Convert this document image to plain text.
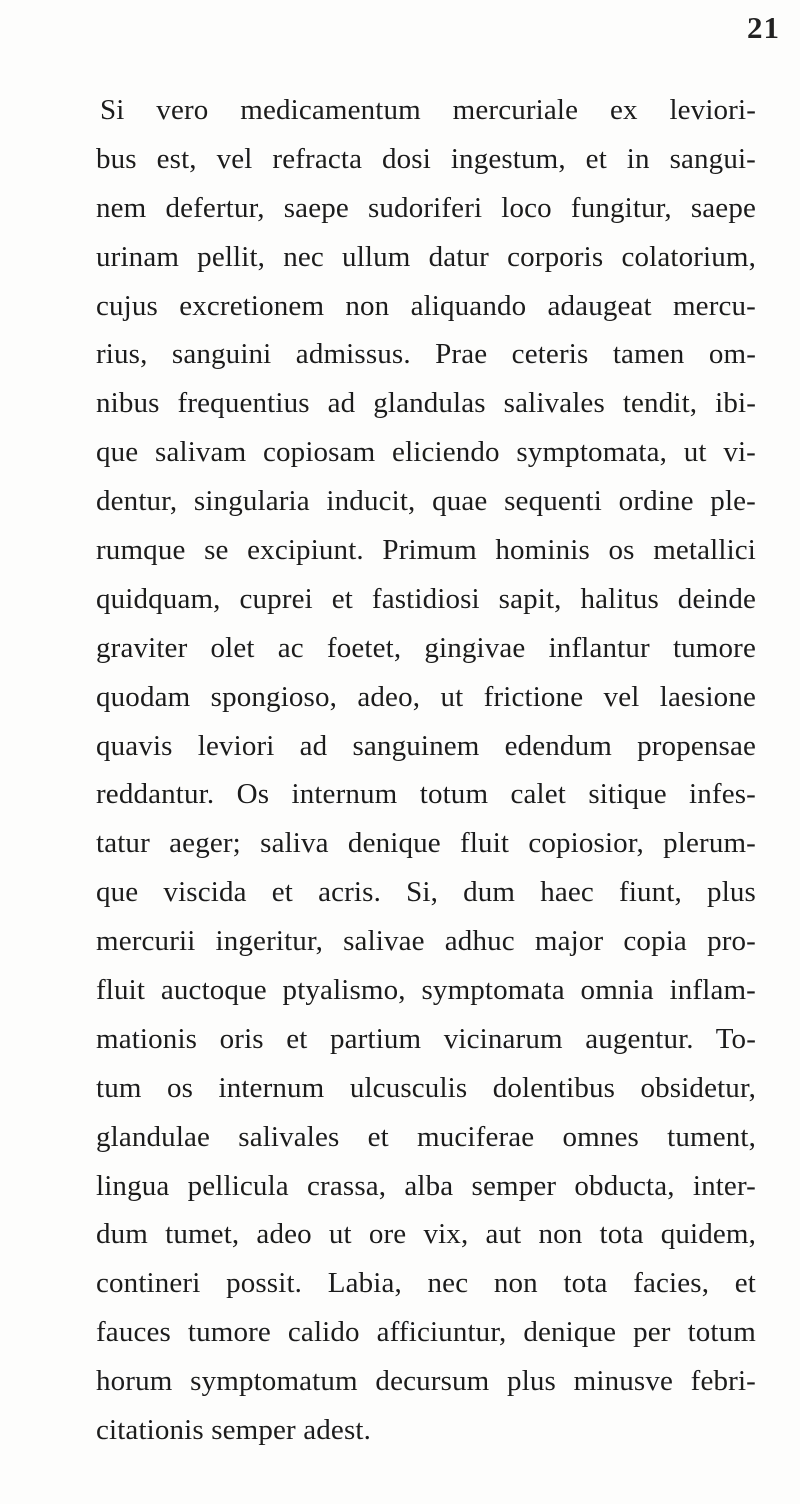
21
Si vero medicamentum mercuriale ex leviori-
bus est, vel refracta dosi ingestum, et in sangui-
nem defertur, saepe sudoriferi loco fungitur, saepe
urinam pellit, nec ullum datur corporis colatorium,
cujus excretionem non aliquando adaugeat mercu-
rius, sanguini admissus. Prae ceteris tamen om-
nibus frequentius ad glandulas salivales tendit, ibi-
que salivam copiosam eliciendo symptomata, ut vi-
dentur, singularia inducit, quae sequenti ordine ple-
rumque se excipiunt. Primum hominis os metallici
quidquam, cuprei et fastidiosi sapit, halitus deinde
graviter olet ac foetet, gingivae inflantur tumore
quodam spongioso, adeo, ut frictione vel laesione
quavis leviori ad sanguinem edendum propensae
reddantur. Os internum totum calet sitique infes-
tatur aeger; saliva denique fluit copiosior, plerum-
que viscida et acris. Si, dum haec fiunt, plus
mercurii ingeritur, salivae adhuc major copia pro-
fluit auctoque ptyalismo, symptomata omnia inflam-
mationis oris et partium vicinarum augentur. To-
tum os internum ulcusculis dolentibus obsidetur,
glandulae salivales et muciferae omnes tument,
lingua pellicula crassa, alba semper obducta, inter-
dum tumet, adeo ut ore vix, aut non tota quidem,
contineri possit. Labia, nec non tota facies, et
fauces tumore calido afficiuntur, denique per totum
horum symptomatum decursum plus minusve febri-
citationis semper adest.
